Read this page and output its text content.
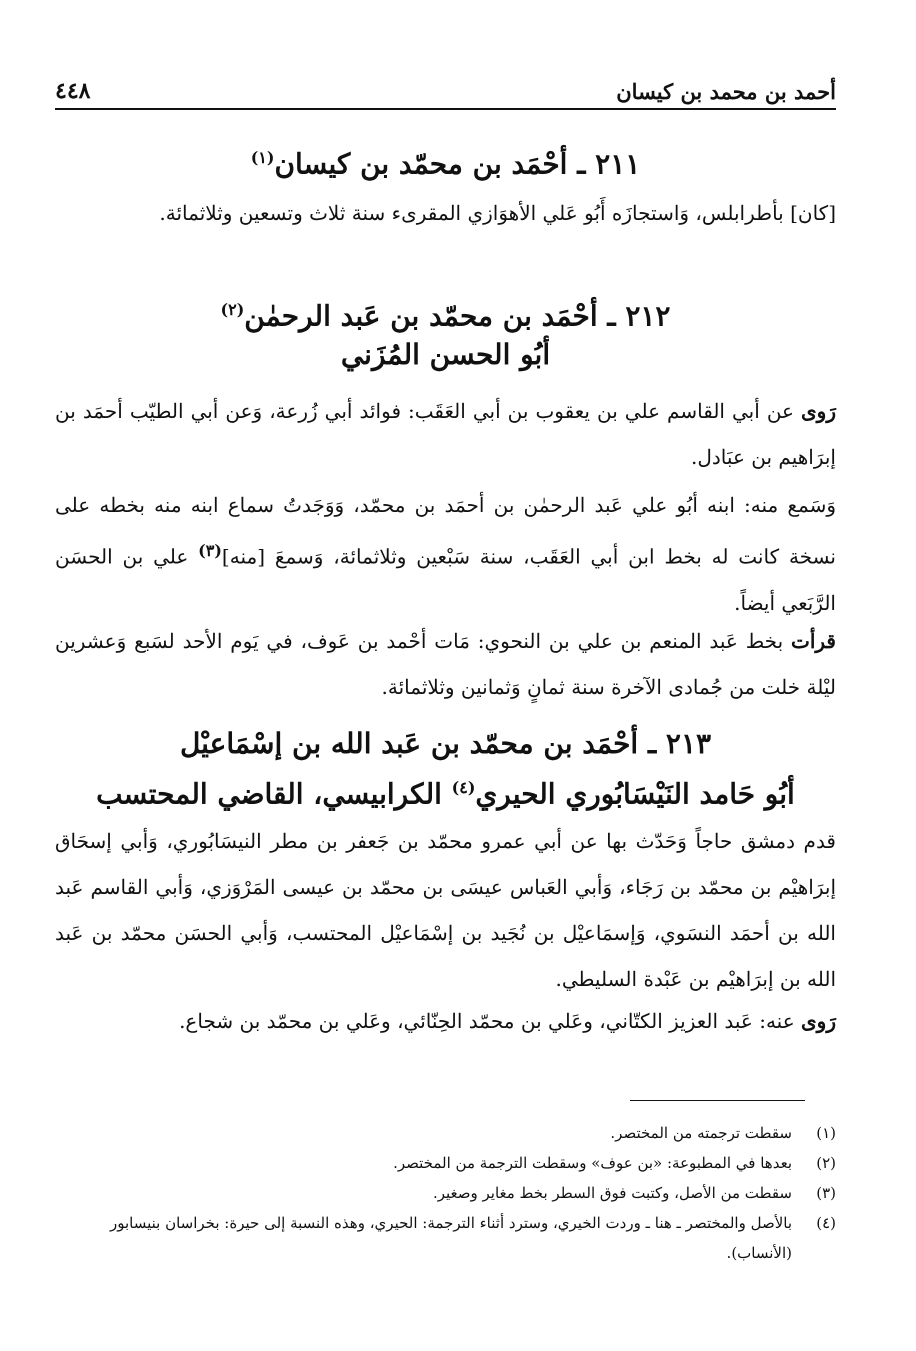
أحمد بن محمد بن كيسان
٤٤٨
٢١١ ـ أحْمَد بن محمّد بن كيسان$^{(١)}$
[كان] بأطرابلس، وَاستجازَه أَبُو عَلي الأهوَازي المقرىء سنة ثلاث وتسعين وثلاثمائة.
٢١٢ ـ أحْمَد بن محمّد بن عَبد الرحمٰن$^{(٢)}$
أبُو الحسن المُزَني
رَوى عن أبي القاسم علي بن يعقوب بن أبي العَقَب: فوائد أبي زُرعة، وَعن أبي الطيّب أحمَد بن إبرَاهيم بن عبَادل.
وَسَمع منه: ابنه أبُو علي عَبد الرحمٰن بن أحمَد بن محمّد، وَوَجَدتُ سماع ابنه منه بخطه على نسخة كانت له بخط ابن أبي العَقَب، سنة سَبْعين وثلاثمائة، وَسمعَ [منه]$^{(٣)}$ علي بن الحسَن الرَّبَعي أيضاً.
قرأت بخط عَبد المنعم بن علي بن النحوي: مَات أحْمد بن عَوف، في يَوم الأحد لسَبع وَعشرين ليْلة خلت من جُمادى الآخرة سنة ثمانٍ وَثمانين وثلاثمائة.
٢١٣ ـ أحْمَد بن محمّد بن عَبد الله بن إسْمَاعيْل
أبُو حَامد النَيْسَابُوري الحيري$^{(٤)}$ الكرابيسي، القاضي المحتسب
قدم دمشق حاجاً وَحَدّث بها عن أبي عمرو محمّد بن جَعفر بن مطر النيسَابُوري، وَأبي إسحَاق إبرَاهيْم بن محمّد بن رَجَاء، وَأبي العَباس عيسَى بن محمّد بن عيسى المَرْوَزي، وَأبي القاسم عَبد الله بن أحمَد النسَوي، وَإسمَاعيْل بن نُجَيد بن إسْمَاعيْل المحتسب، وَأبي الحسَن محمّد بن عَبد الله بن إبرَاهيْم بن عَبْدة السليطي.
رَوى عنه: عَبد العزيز الكتّاني، وعَلي بن محمّد الحِنّائي، وعَلي بن محمّد بن شجاع.
(١)
سقطت ترجمته من المختصر.
(٢)
بعدها في المطبوعة: «بن عوف» وسقطت الترجمة من المختصر.
(٣)
سقطت من الأصل، وكتبت فوق السطر بخط مغاير وصغير.
(٤)
بالأصل والمختصر ـ هنا ـ وردت الخيري، وسترد أثناء الترجمة: الحيري، وهذه النسبة إلى حيرة: بخراسان بنيسابور (الأنساب).
